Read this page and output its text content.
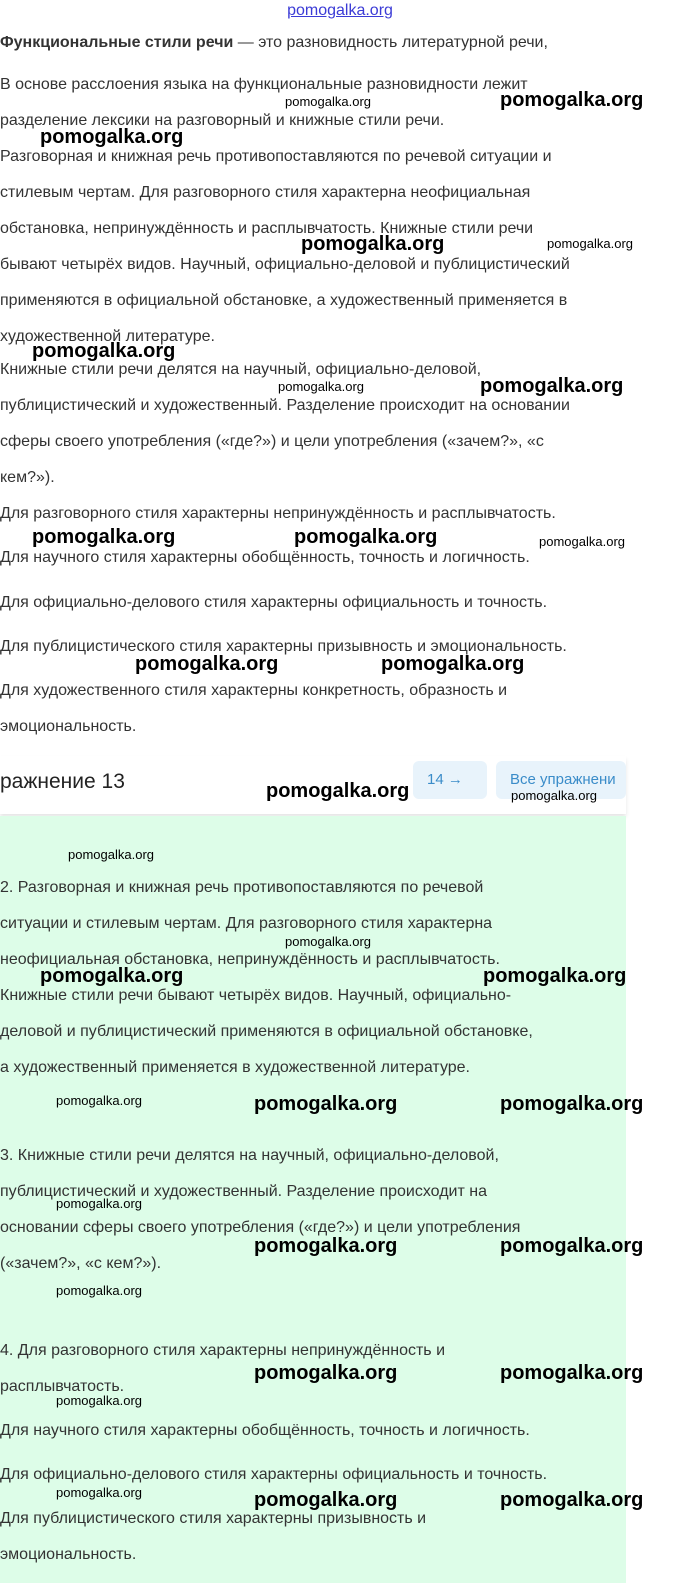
pomogalka.org
Функциональные стили речи — это разновидность литературной речи,
В основе расслоения языка на функциональные разновидности лежит
разделение лексики на разговорный и книжные стили речи.
Разговорная и книжная речь противопоставляются по речевой ситуации и
стилевым чертам. Для разговорного стиля характерна неофициальная
обстановка, непринуждённость и расплывчатость. Книжные стили речи
бывают четырёх видов. Научный, официально-деловой и публицистический
применяются в официальной обстановке, а художественный применяется в
художественной литературе.
Книжные стили речи делятся на научный, официально-деловой,
публицистический и художественный. Разделение происходит на основании
сферы своего употребления («где?») и цели употребления («зачем?», «с
кем?»).
Для разговорного стиля характерны непринуждённость и расплывчатость.
Для научного стиля характерны обобщённость, точность и логичность.
Для официально-делового стиля характерны официальность и точность.
Для публицистического стиля характерны призывность и эмоциональность.
Для художественного стиля характерны конкретность, образность и
эмоциональность.
ражнение 13	14 →	Все упражнени
2. Разговорная и книжная речь противопоставляются по речевой
ситуации и стилевым чертам. Для разговорного стиля характерна
неофициальная обстановка, непринуждённость и расплывчатость.
Книжные стили речи бывают четырёх видов. Научный, официально-
деловой и публицистический применяются в официальной обстановке,
а художественный применяется в художественной литературе.
3. Книжные стили речи делятся на научный, официально-деловой,
публицистический и художественный. Разделение происходит на
основании сферы своего употребления («где?») и цели употребления
(«зачем?», «с кем?»).
4. Для разговорного стиля характерны непринуждённость и
расплывчатость.
Для научного стиля характерны обобщённость, точность и логичность.
Для официально-делового стиля характерны официальность и точность.
Для публицистического стиля характерны призывность и
эмоциональность.
pomogalka.org	pomogalka.org
pomogalka.org
pomogalka.org	pomogalka.org
pomogalka.org
pomogalka.org	pomogalka.org
pomogalka.org	pomogalka.org	pomogalka.org
pomogalka.org	pomogalka.org
pomogalka.org	pomogalka.org
pomogalka.org
pomogalka.org
pomogalka.org	pomogalka.org
pomogalka.org	pomogalka.org	pomogalka.org
pomogalka.org
pomogalka.org	pomogalka.org
pomogalka.org
pomogalka.org	pomogalka.org
pomogalka.org
pomogalka.org	pomogalka.org	pomogalka.org
